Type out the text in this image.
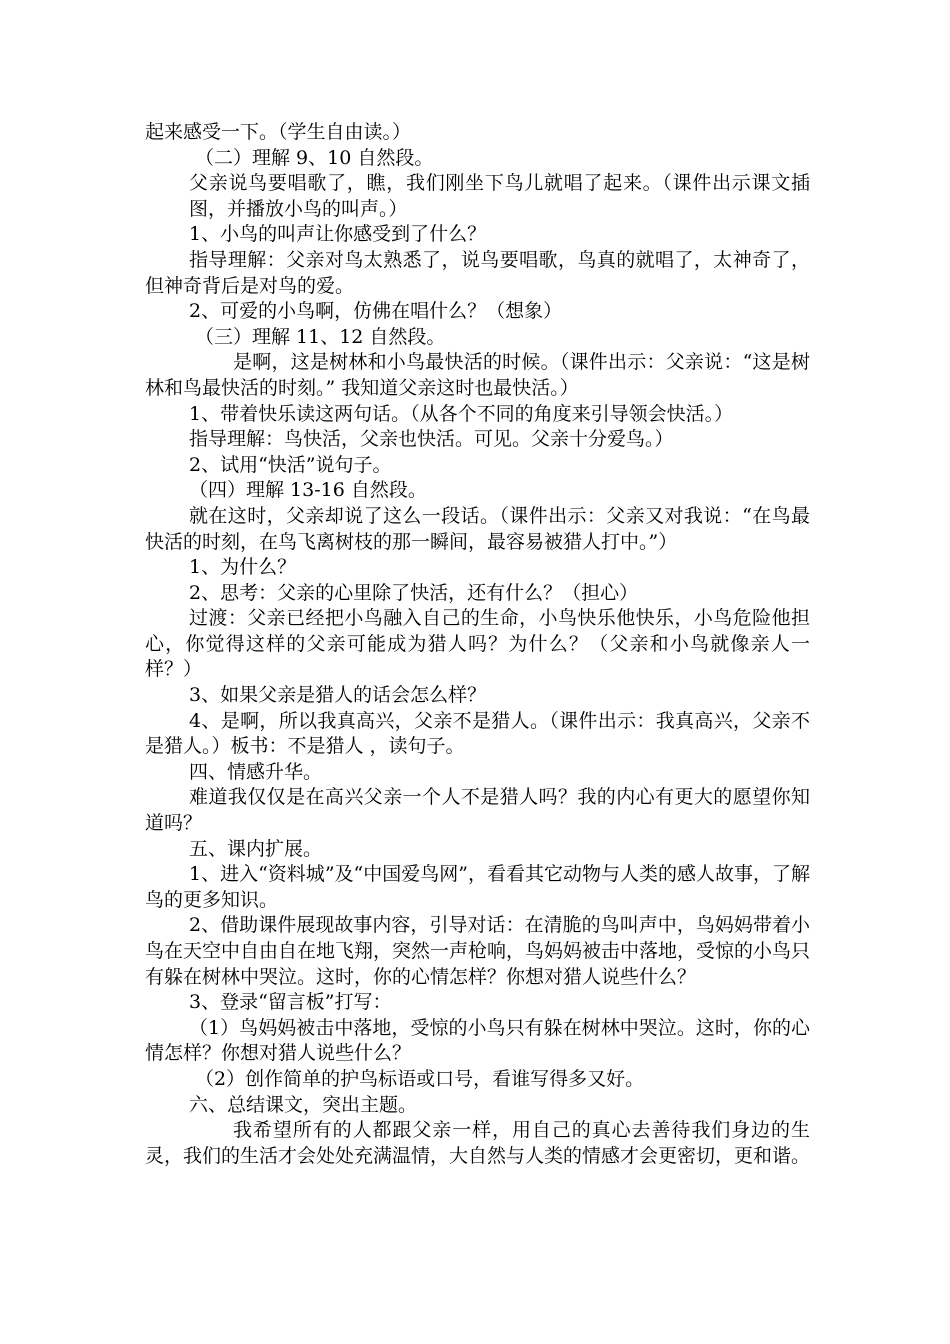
起来感受一下。（学生自由读。）

（二）理解 9、10 自然段。

父亲说鸟要唱歌了，瞧，我们刚坐下鸟儿就唱了起来。（课件出示课文插图，并播放小鸟的叫声。）

1、小鸟的叫声让你感受到了什么？

指导理解：父亲对鸟太熟悉了，说鸟要唱歌，鸟真的就唱了，太神奇了，但神奇背后是对鸟的爱。

2、可爱的小鸟啊，仿佛在唱什么？（想象）

（三）理解 11、12 自然段。

是啊，这是树林和小鸟最快活的时候。（课件出示：父亲说：“这是树林和鸟最快活的时刻。” 我知道父亲这时也最快活。）

1、带着快乐读这两句话。（从各个不同的角度来引导领会快活。）

指导理解：鸟快活，父亲也快活。可见。父亲十分爱鸟。）

2、试用“快活”说句子。

（四）理解 13-16 自然段。

就在这时，父亲却说了这么一段话。（课件出示：父亲又对我说：“在鸟最快活的时刻，在鸟飞离树枝的那一瞬间，最容易被猎人打中。”）

1、为什么？

2、思考：父亲的心里除了快活，还有什么？（担心）

过渡：父亲已经把小鸟融入自己的生命，小鸟快乐他快乐，小鸟危险他担心，你觉得这样的父亲可能成为猎人吗？为什么？（父亲和小鸟就像亲人一样？）

3、如果父亲是猎人的话会怎么样？

4、是啊，所以我真高兴，父亲不是猎人。（课件出示：我真高兴，父亲不是猎人。）板书：不是猎人 ，读句子。

四、情感升华。

难道我仅仅是在高兴父亲一个人不是猎人吗？我的内心有更大的愿望你知道吗？

五、课内扩展。

1、进入“资料城”及“中国爱鸟网”，看看其它动物与人类的感人故事，了解鸟的更多知识。

2、借助课件展现故事内容，引导对话：在清脆的鸟叫声中，鸟妈妈带着小鸟在天空中自由自在地飞翔，突然一声枪响，鸟妈妈被击中落地，受惊的小鸟只有躲在树林中哭泣。这时，你的心情怎样？你想对猎人说些什么？

3、登录“留言板”打写：

（1）鸟妈妈被击中落地，受惊的小鸟只有躲在树林中哭泣。这时，你的心情怎样？你想对猎人说些什么？

（2）创作简单的护鸟标语或口号，看谁写得多又好。

六、总结课文，突出主题。

我希望所有的人都跟父亲一样，用自己的真心去善待我们身边的生灵，我们的生活才会处处充满温情，大自然与人类的情感才会更密切，更和谐。
